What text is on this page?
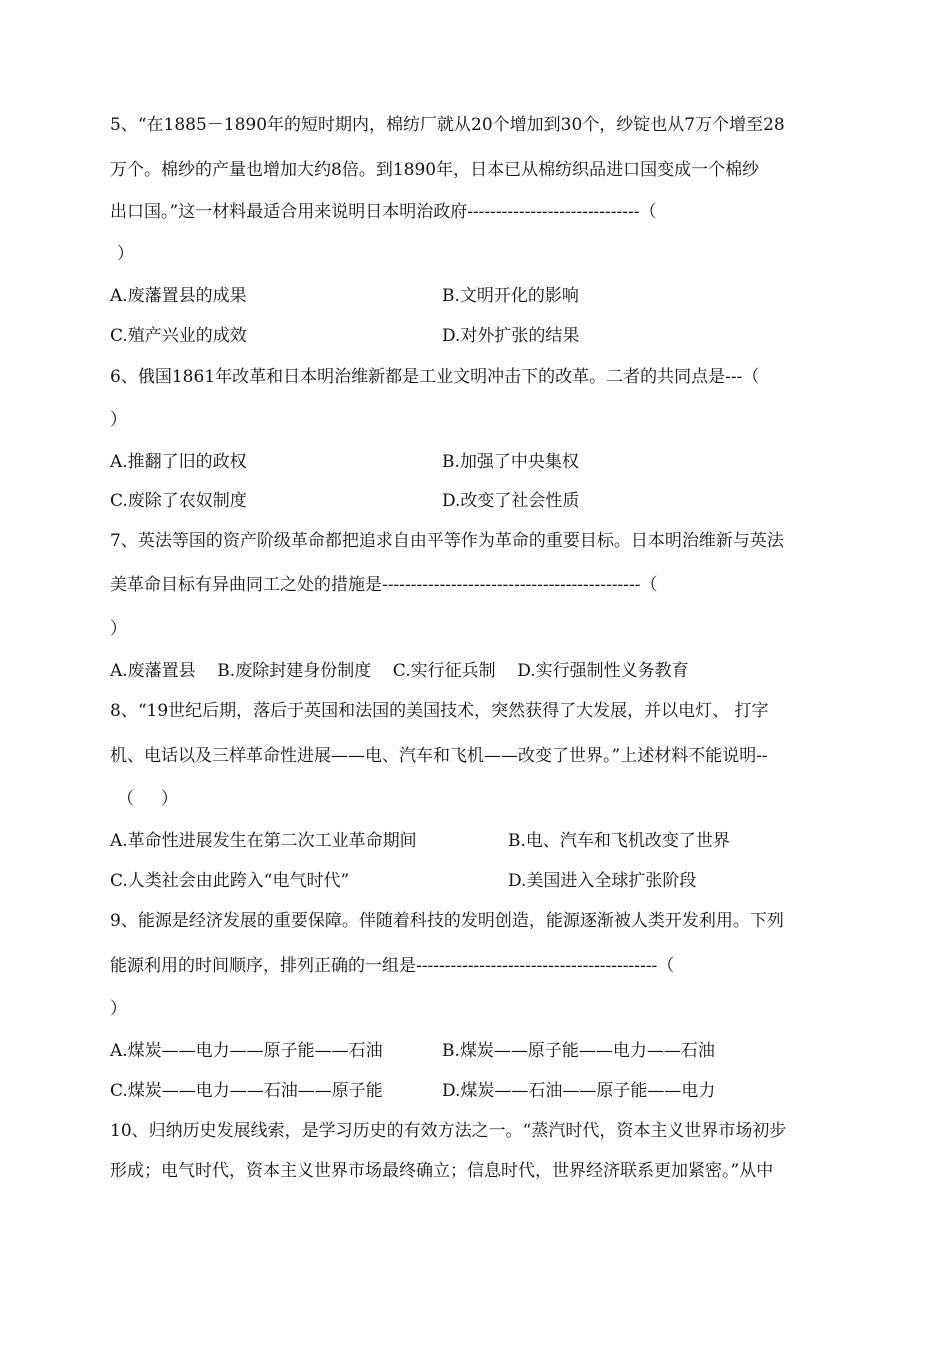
5、“在1885－1890年的短时期内，棉纺厂就从20个增加到30个，纱锭也从7万个增至28
万个。棉纱的产量也增加大约8倍。到1890年，日本已从棉纺织品进口国变成一个棉纱
出口国。”这一材料最适合用来说明日本明治政府------------------------------（
）
A.废藩置县的成果	B.文明开化的影响
C.殖产兴业的成效	D.对外扩张的结果
6、俄国1861年改革和日本明治维新都是工业文明冲击下的改革。二者的共同点是---（
）
A.推翻了旧的政权	B.加强了中央集权
C.废除了农奴制度	D.改变了社会性质
7、英法等国的资产阶级革命都把追求自由平等作为革命的重要目标。日本明治维新与英法
美革命目标有异曲同工之处的措施是---------------------------------------------（
）
A.废藩置县    B.废除封建身份制度    C.实行征兵制    D.实行强制性义务教育
8、“19世纪后期，落后于英国和法国的美国技术，突然获得了大发展，并以电灯、 打字
机、电话以及三样革命性进展——电、汽车和飞机——改变了世界。”上述材料不能说明--
（     ）
A.革命性进展发生在第二次工业革命期间	B.电、汽车和飞机改变了世界
C.人类社会由此跨入“电气时代”	D.美国进入全球扩张阶段
9、能源是经济发展的重要保障。伴随着科技的发明创造，能源逐渐被人类开发利用。下列
能源利用的时间顺序，排列正确的一组是------------------------------------------（
）
A.煤炭——电力——原子能——石油	B.煤炭——原子能——电力——石油
C.煤炭——电力——石油——原子能	D.煤炭——石油——原子能——电力
10、归纳历史发展线索，是学习历史的有效方法之一。“蒸汽时代，资本主义世界市场初步
形成；电气时代，资本主义世界市场最终确立；信息时代，世界经济联系更加紧密。”从中
